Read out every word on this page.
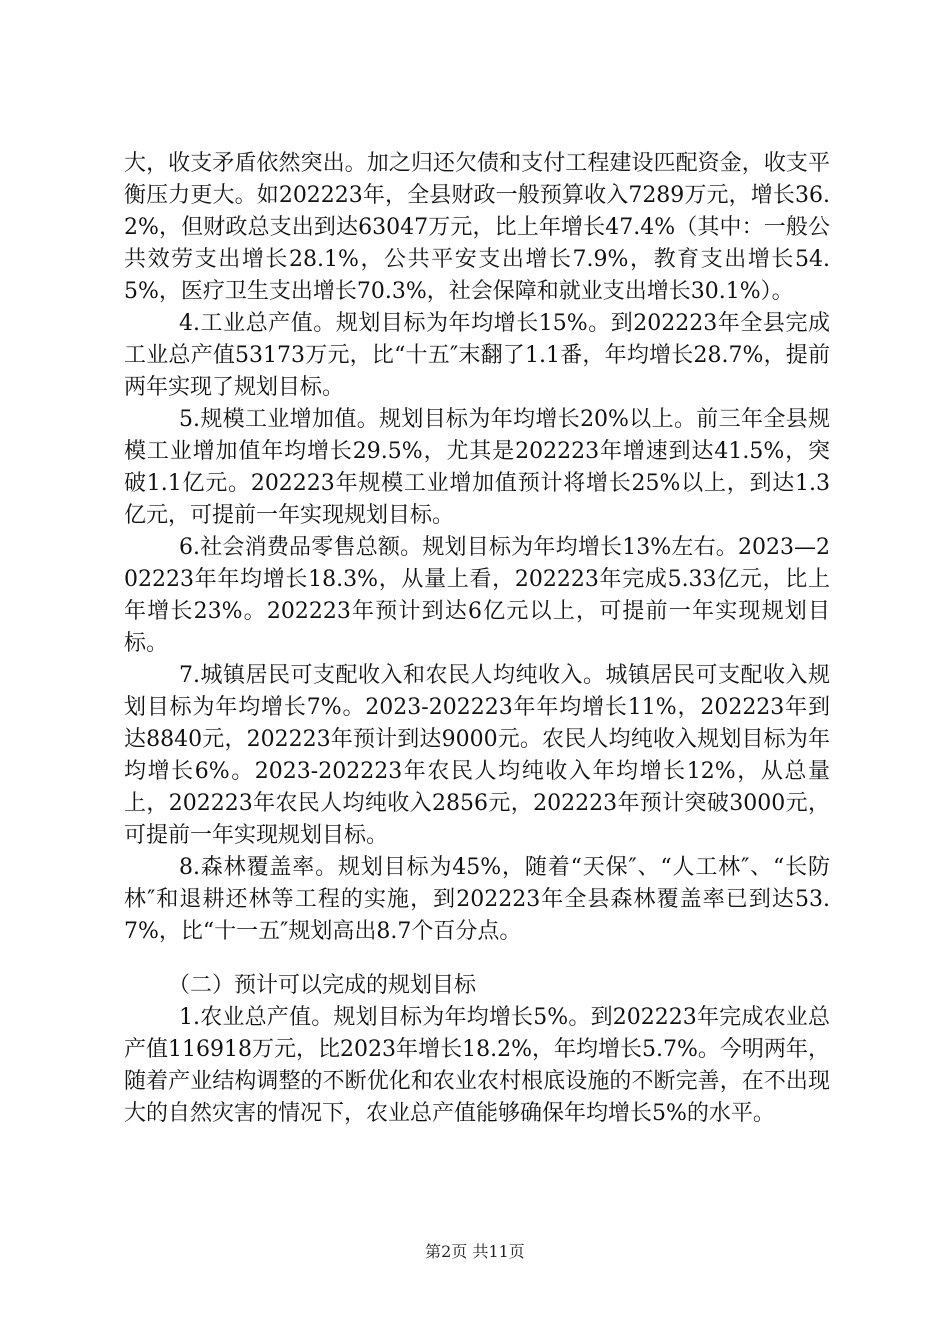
大，收支矛盾依然突出。加之归还欠债和支付工程建设匹配资金，收支平衡压力更大。如202223年，全县财政一般预算收入7289万元，增长36.2%，但财政总支出到达63047万元，比上年增长47.4%（其中：一般公共效劳支出增长28.1%，公共平安支出增长7.9%，教育支出增长54.5%，医疗卫生支出增长70.3%，社会保障和就业支出增长30.1%）。

4.工业总产值。规划目标为年均增长15%。到202223年全县完成工业总产值53173万元，比“十五″末翻了1.1番，年均增长28.7%，提前两年实现了规划目标。

5.规模工业增加值。规划目标为年均增长20%以上。前三年全县规模工业增加值年均增长29.5%，尤其是202223年增速到达41.5%，突破1.1亿元。202223年规模工业增加值预计将增长25%以上，到达1.3亿元，可提前一年实现规划目标。

6.社会消费品零售总额。规划目标为年均增长13%左右。2023—202223年年均增长18.3%，从量上看，202223年完成5.33亿元，比上年增长23%。202223年预计到达6亿元以上，可提前一年实现规划目标。

7.城镇居民可支配收入和农民人均纯收入。城镇居民可支配收入规划目标为年均增长7%。2023-202223年年均增长11%，202223年到达8840元，202223年预计到达9000元。农民人均纯收入规划目标为年均增长6%。2023-202223年农民人均纯收入年均增长12%，从总量上，202223年农民人均纯收入2856元，202223年预计突破3000元，可提前一年实现规划目标。

8.森林覆盖率。规划目标为45%，随着“天保″、“人工林″、“长防林″和退耕还林等工程的实施，到202223年全县森林覆盖率已到达53.7%，比“十一五″规划高出8.7个百分点。

（二）预计可以完成的规划目标

1.农业总产值。规划目标为年均增长5%。到202223年完成农业总产值116918万元，比2023年增长18.2%，年均增长5.7%。今明两年，随着产业结构调整的不断优化和农业农村根底设施的不断完善，在不出现大的自然灾害的情况下，农业总产值能够确保年均增长5%的水平。

第2页 共11页
